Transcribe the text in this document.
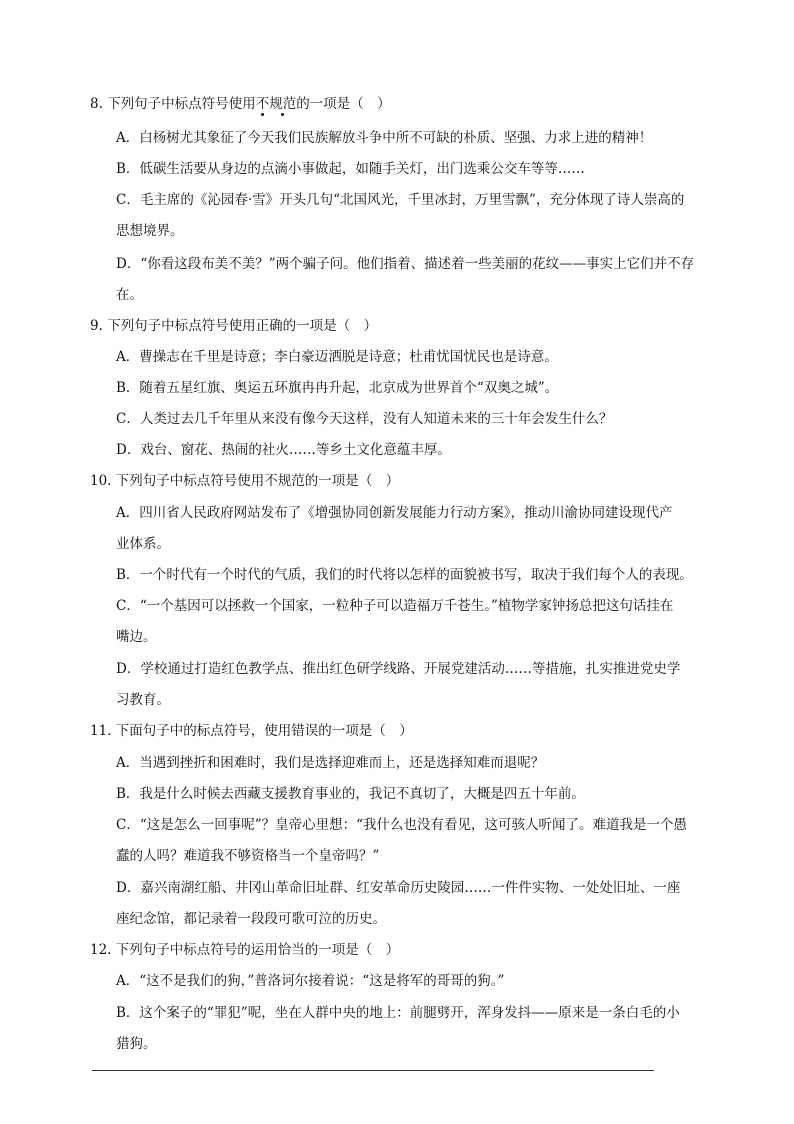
8. 下列句子中标点符号使用不规范的一项是（　）
A．白杨树尤其象征了今天我们民族解放斗争中所不可缺的朴质、坚强、力求上进的精神！
B．低碳生活要从身边的点滴小事做起，如随手关灯，出门选乘公交车等等……
C．毛主席的《沁园春·雪》开头几句“北国风光，千里冰封，万里雪飘”，充分体现了诗人崇高的
思想境界。
D．“你看这段布美不美？”两个骗子问。他们指着、描述着一些美丽的花纹——事实上它们并不存
在。
9. 下列句子中标点符号使用正确的一项是（　）
A．曹操志在千里是诗意；李白豪迈洒脱是诗意；杜甫忧国忧民也是诗意。
B．随着五星红旗、奥运五环旗冉冉升起，北京成为世界首个“双奥之城”。
C．人类过去几千年里从来没有像今天这样，没有人知道未来的三十年会发生什么？
D．戏台、窗花、热闹的社火……等乡土文化意蕴丰厚。
10. 下列句子中标点符号使用不规范的一项是（　）
A．四川省人民政府网站发布了《增强协同创新发展能力行动方案》，推动川渝协同建设现代产
业体系。
B．一个时代有一个时代的气质，我们的时代将以怎样的面貌被书写，取决于我们每个人的表现。
C．“一个基因可以拯救一个国家，一粒种子可以造福万千苍生。”植物学家钟扬总把这句话挂在
嘴边。
D．学校通过打造红色教学点、推出红色研学线路、开展党建活动……等措施，扎实推进党史学
习教育。
11. 下面句子中的标点符号，使用错误的一项是（　）
A．当遇到挫折和困难时，我们是选择迎难而上，还是选择知难而退呢？
B．我是什么时候去西藏支援教育事业的，我记不真切了，大概是四五十年前。
C．“这是怎么一回事呢”？皇帝心里想：“我什么也没有看见，这可骇人听闻了。难道我是一个愚
蠢的人吗？难道我不够资格当一个皇帝吗？”
D．嘉兴南湖红船、井冈山革命旧址群、红安革命历史陵园……一件件实物、一处处旧址、一座
座纪念馆，都记录着一段段可歌可泣的历史。
12. 下列句子中标点符号的运用恰当的一项是（　）
A．“这不是我们的狗，”普洛诃尔接着说：“这是将军的哥哥的狗。”
B．这个案子的“罪犯”呢，坐在人群中央的地上：前腿劈开，浑身发抖——原来是一条白毛的小
猎狗。
